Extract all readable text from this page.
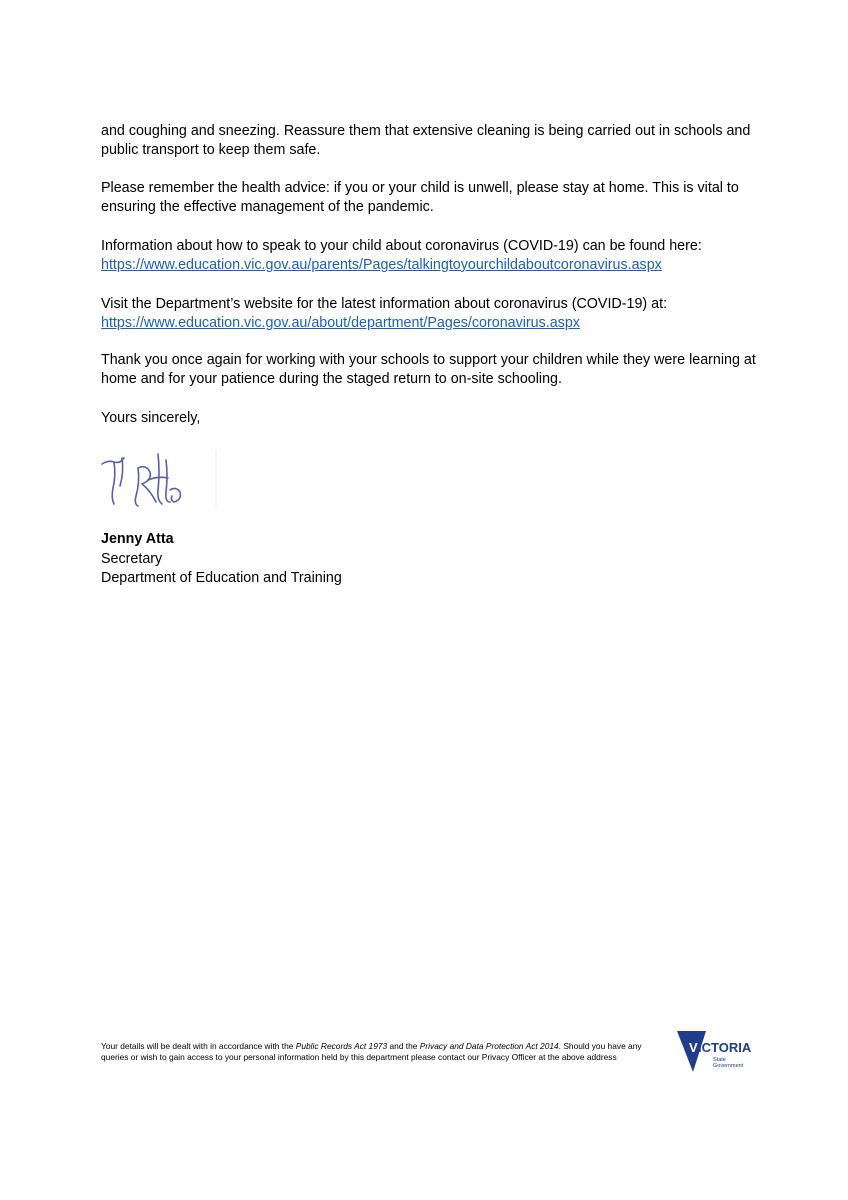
and coughing and sneezing. Reassure them that extensive cleaning is being carried out in schools and public transport to keep them safe.

Please remember the health advice: if you or your child is unwell, please stay at home. This is vital to ensuring the effective management of the pandemic.

Information about how to speak to your child about coronavirus (COVID-19) can be found here:
https://www.education.vic.gov.au/parents/Pages/talkingtoyourchildaboutcoronavirus.aspx
Visit the Department’s website for the latest information about coronavirus (COVID-19) at:
https://www.education.vic.gov.au/about/department/Pages/coronavirus.aspx

Thank you once again for working with your schools to support your children while they were learning at home and for your patience during the staged return to on-site schooling.

Yours sincerely,

Jenny Atta
Secretary
Department of Education and Training
Your details will be dealt with in accordance with the Public Records Act 1973 and the Privacy and Data Protection Act 2014. Should you have any queries or wish to gain access to your personal information held by this department please contact our Privacy Officer at the above address
V ICTORIA
State
Government
